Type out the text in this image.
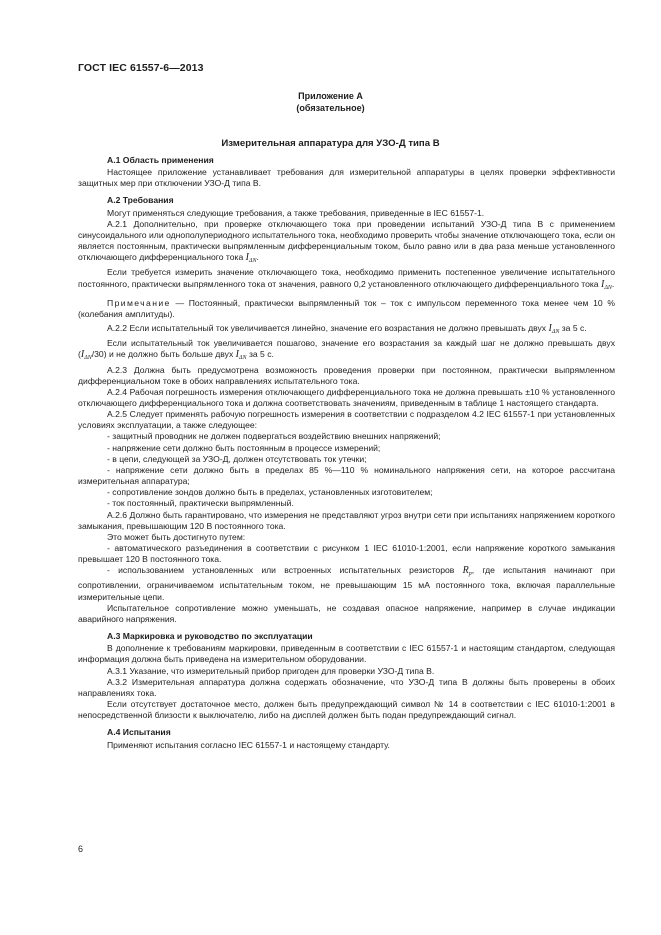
ГОСТ IEC 61557-6—2013
Приложение А
(обязательное)
Измерительная аппаратура для УЗО-Д типа В

А.1 Область применения

Настоящее приложение устанавливает требования для измерительной аппаратуры в целях проверки эффективности защитных мер при отключении УЗО-Д типа В.

А.2 Требования

Могут применяться следующие требования, а также требования, приведенные в IEC 61557-1.

А.2.1 Дополнительно, при проверке отключающего тока при проведении испытаний УЗО-Д типа В с применением синусоидального или однополупериодного испытательного тока, необходимо проверить чтобы значение отключающего тока, если он является постоянным, практически выпрямленным дифференциальным током, было равно или в два раза меньше установленного отключающего дифференциального тока $I_{\Delta N}$.

Если требуется измерить значение отключающего тока, необходимо применить постепенное увеличение испытательного постоянного, практически выпрямленного тока от значения, равного 0,2 установленного отключающего дифференциального тока $I_{\Delta N}$.

Примечание — Постоянный, практически выпрямленный ток – ток с импульсом переменного тока менее чем 10 % (колебания амплитуды).

А.2.2 Если испытательный ток увеличивается линейно, значение его возрастания не должно превышать двух $I_{\Delta N}$ за 5 с.

Если испытательный ток увеличивается пошагово, значение его возрастания за каждый шаг не должно превышать двух $(I_{\Delta N}/30)$ и не должно быть больше двух $I_{\Delta N}$ за 5 с.

А.2.3 Должна быть предусмотрена возможность проведения проверки при постоянном, практически выпрямленном дифференциальном токе в обоих направлениях испытательного тока.

А.2.4 Рабочая погрешность измерения отключающего дифференциального тока не должна превышать ±10 % установленного отключающего дифференциального тока и должна соответствовать значениям, приведенным в таблице 1 настоящего стандарта.

А.2.5 Следует применять рабочую погрешность измерения в соответствии с подразделом 4.2 IEC 61557-1 при установленных условиях эксплуатации, а также следующее:

- защитный проводник не должен подвергаться воздействию внешних напряжений;

- напряжение сети должно быть постоянным в процессе измерений;

- в цепи, следующей за УЗО-Д, должен отсутствовать ток утечки;

- напряжение сети должно быть в пределах 85 %—110 % номинального напряжения сети, на которое рассчитана измерительная аппаратура;

- сопротивление зондов должно быть в пределах, установленных изготовителем;

- ток постоянный, практически выпрямленный.

А.2.6 Должно быть гарантировано, что измерения не представляют угроз внутри сети при испытаниях напряжением короткого замыкания, превышающим 120 В постоянного тока.

Это может быть достигнуто путем:

- автоматического разъединения в соответствии с рисунком 1 IEC 61010-1:2001, если напряжение короткого замыкания превышает 120 В постоянного тока.

- использованием установленных или встроенных испытательных резисторов $R_p$, где испытания начинают при сопротивлении, ограничиваемом испытательным током, не превышающим 15 мА постоянного тока, включая параллельные измерительные цепи.

Испытательное сопротивление можно уменьшать, не создавая опасное напряжение, например в случае индикации аварийного напряжения.

А.3 Маркировка и руководство по эксплуатации

В дополнение к требованиям маркировки, приведенным в соответствии с IEC 61557-1 и настоящим стандартом, следующая информация должна быть приведена на измерительном оборудовании.

А.3.1 Указание, что измерительный прибор пригоден для проверки УЗО-Д типа В.

А.3.2 Измерительная аппаратура должна содержать обозначение, что УЗО-Д типа В должны быть проверены в обоих направлениях тока.

Если отсутствует достаточное место, должен быть предупреждающий символ № 14 в соответствии с IEC 61010-1:2001 в непосредственной близости к выключателю, либо на дисплей должен быть подан предупреждающий сигнал.

А.4 Испытания

Применяют испытания согласно IEC 61557-1 и настоящему стандарту.

6
